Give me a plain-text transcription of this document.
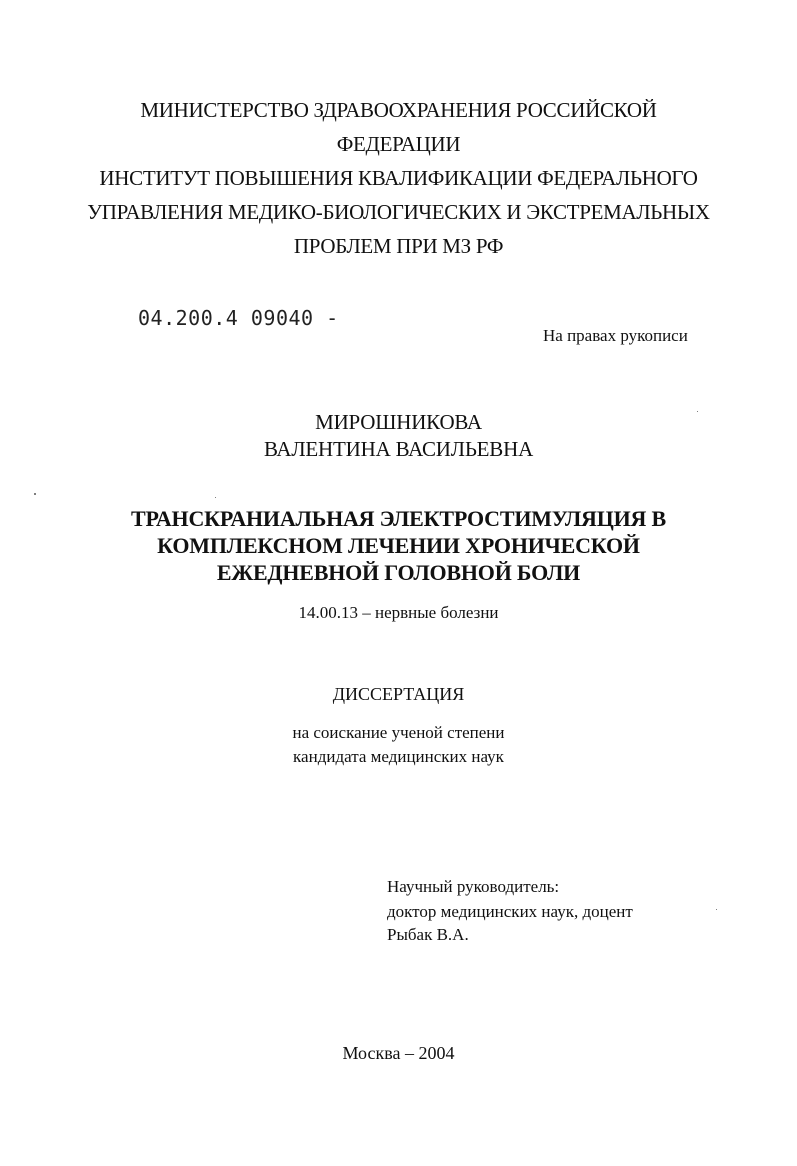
МИНИСТЕРСТВО ЗДРАВООХРАНЕНИЯ РОССИЙСКОЙ
ФЕДЕРАЦИИ
ИНСТИТУТ ПОВЫШЕНИЯ КВАЛИФИКАЦИИ ФЕДЕРАЛЬНОГО
УПРАВЛЕНИЯ МЕДИКО-БИОЛОГИЧЕСКИХ И ЭКСТРЕМАЛЬНЫХ
ПРОБЛЕМ ПРИ МЗ РФ
04.200.4 09040 -
На правах рукописи
МИРОШНИКОВА
ВАЛЕНТИНА ВАСИЛЬЕВНА
ТРАНСКРАНИАЛЬНАЯ ЭЛЕКТРОСТИМУЛЯЦИЯ В
КОМПЛЕКСНОМ ЛЕЧЕНИИ ХРОНИЧЕСКОЙ
ЕЖЕДНЕВНОЙ ГОЛОВНОЙ БОЛИ
14.00.13 – нервные болезни
ДИССЕРТАЦИЯ
на соискание ученой степени
кандидата медицинских наук
Научный руководитель:
доктор медицинских наук, доцент
Рыбак В.А.
Москва – 2004
